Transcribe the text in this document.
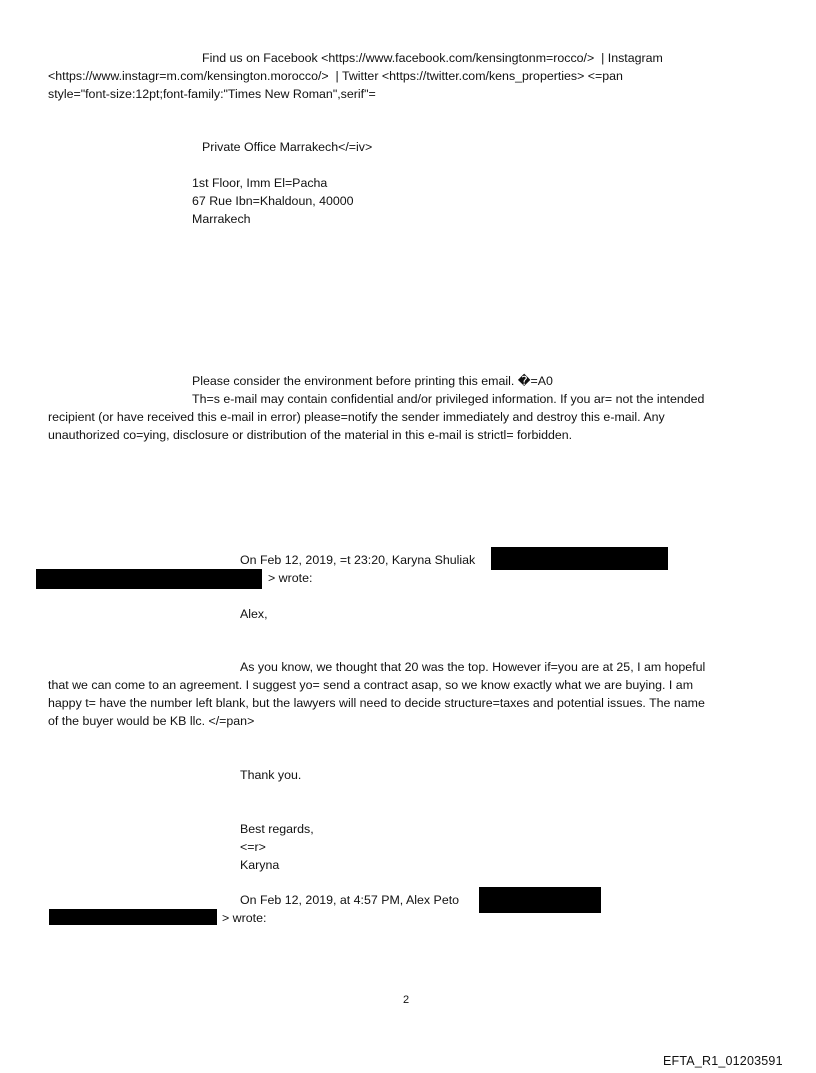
Find us on Facebook <https://www.facebook.com/kensingtonm=rocco/>  | Instagram

<https://www.instagr=m.com/kensington.morocco/>  | Twitter <https://twitter.com/kens_properties> <=pan

style="font-size:12pt;font-family:"Times New Roman",serif"=

Private Office Marrakech</=iv>

1st Floor, Imm El=Pacha

67 Rue Ibn=Khaldoun, 40000

Marrakech

Please consider the environment before printing this email. �=A0

Th=s e-mail may contain confidential and/or privileged information. If you ar= not the intended

recipient (or have received this e-mail in error) please=notify the sender immediately and destroy this e-mail. Any

unauthorized co=ying, disclosure or distribution of the material in this e-mail is strictl= forbidden.

On Feb 12, 2019, =t 23:20, Karyna Shuliak

> wrote:

Alex,

As you know, we thought that 20 was the top. However if=you are at 25, I am hopeful

that we can come to an agreement. I suggest yo= send a contract asap, so we know exactly what we are buying. I am

happy t= have the number left blank, but the lawyers will need to decide structure=taxes and potential issues. The name

of the buyer would be KB llc. </=pan>

Thank you.

Best regards,

<=r>

Karyna

On Feb 12, 2019, at 4:57 PM, Alex Peto

> wrote:

2
EFTA_R1_01203591
